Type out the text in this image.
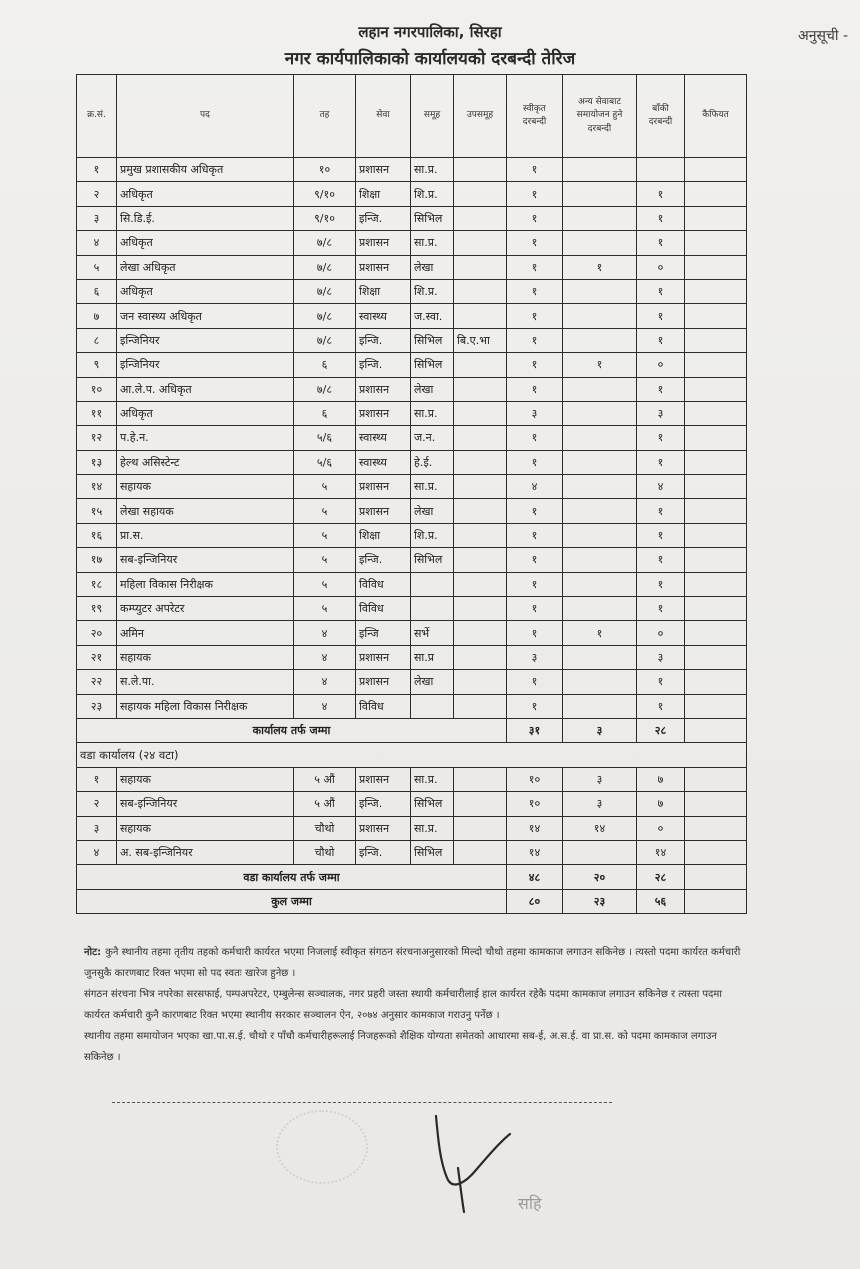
अनुसूची -
लहान नगरपालिका, सिरहा
नगर कार्यपालिकाको कार्यालयको दरबन्दी तेरिज
क्र.सं.	पद	तह	सेवा	समूह	उपसमूह	स्वीकृत दरबन्दी	अन्य सेवाबाट समायोजन हुने दरबन्दी	बाँकी दरबन्दी	कैफियत
१	प्रमुख प्रशासकीय अधिकृत	१०	प्रशासन	सा.प्र.		१			
२	अधिकृत	९/१०	शिक्षा	शि.प्र.		१		१	
३	सि.डि.ई.	९/१०	इन्जि.	सिभिल		१		१	
४	अधिकृत	७/८	प्रशासन	सा.प्र.		१		१	
५	लेखा अधिकृत	७/८	प्रशासन	लेखा		१	१	०	
६	अधिकृत	७/८	शिक्षा	शि.प्र.		१		१	
७	जन स्वास्थ्य अधिकृत	७/८	स्वास्थ्य	ज.स्वा.		१		१	
८	इन्जिनियर	७/८	इन्जि.	सिभिल	बि.ए.भा	१		१	
९	इन्जिनियर	६	इन्जि.	सिभिल		१	१	०	
१०	आ.ले.प. अधिकृत	७/८	प्रशासन	लेखा		१		१	
११	अधिकृत	६	प्रशासन	सा.प्र.		३		३	
१२	प.हे.न.	५/६	स्वास्थ्य	ज.न.		१		१	
१३	हेल्थ असिस्टेन्ट	५/६	स्वास्थ्य	हे.ई.		१		१	
१४	सहायक	५	प्रशासन	सा.प्र.		४		४	
१५	लेखा सहायक	५	प्रशासन	लेखा		१		१	
१६	प्रा.स.	५	शिक्षा	शि.प्र.		१		१	
१७	सब-इन्जिनियर	५	इन्जि.	सिभिल		१		१	
१८	महिला विकास निरीक्षक	५	विविध			१		१	
१९	कम्प्युटर अपरेटर	५	विविध			१		१	
२०	अमिन	४	इन्जि	सर्भे		१	१	०	
२१	सहायक	४	प्रशासन	सा.प्र		३		३	
२२	स.ले.पा.	४	प्रशासन	लेखा		१		१	
२३	सहायक महिला विकास निरीक्षक	४	विविध			१		१	
कार्यालय तर्फ जम्मा						३१	३	२८	
वडा कार्यालय (२४ वटा)									
१	सहायक	५ औं	प्रशासन	सा.प्र.		१०	३	७	
२	सब-इन्जिनियर	५ औं	इन्जि.	सिभिल		१०	३	७	
३	सहायक	चौथो	प्रशासन	सा.प्र.		१४	१४	०	
४	अ. सब-इन्जिनियर	चौथो	इन्जि.	सिभिल		१४		१४	
वडा कार्यालय तर्फ जम्मा						४८	२०	२८	
कुल जम्मा						८०	२३	५६	

नोट: कुनै स्थानीय तहमा तृतीय तहको कर्मचारी कार्यरत भएमा निजलाई स्वीकृत संगठन संरचनाअनुसारको मिल्दो चौथो तहमा कामकाज लगाउन सकिनेछ । त्यस्तो पदमा कार्यरत कर्मचारी जुनसुकै कारणबाट रिक्त भएमा सो पद स्वतः खारेज हुनेछ ।

संगठन संरचना भित्र नपरेका सरसफाई, पम्पअपरेटर, एम्बुलेन्स सञ्चालक, नगर प्रहरी जस्ता स्थायी कर्मचारीलाई हाल कार्यरत रहेकै पदमा कामकाज लगाउन सकिनेछ र त्यस्ता पदमा कार्यरत कर्मचारी कुनै कारणबाट रिक्त भएमा स्थानीय सरकार सञ्चालन ऐन, २०७४ अनुसार कामकाज गराउनु पर्नेछ ।

स्थानीय तहमा समायोजन भएका खा.पा.स.ई. चौथो र पाँचौ कर्मचारीहरूलाई निजहरूको शैक्षिक योग्यता समेतको आधारमा सब-ई, अ.स.ई. वा प्रा.स. को पदमा कामकाज लगाउन सकिनेछ ।

सहि
